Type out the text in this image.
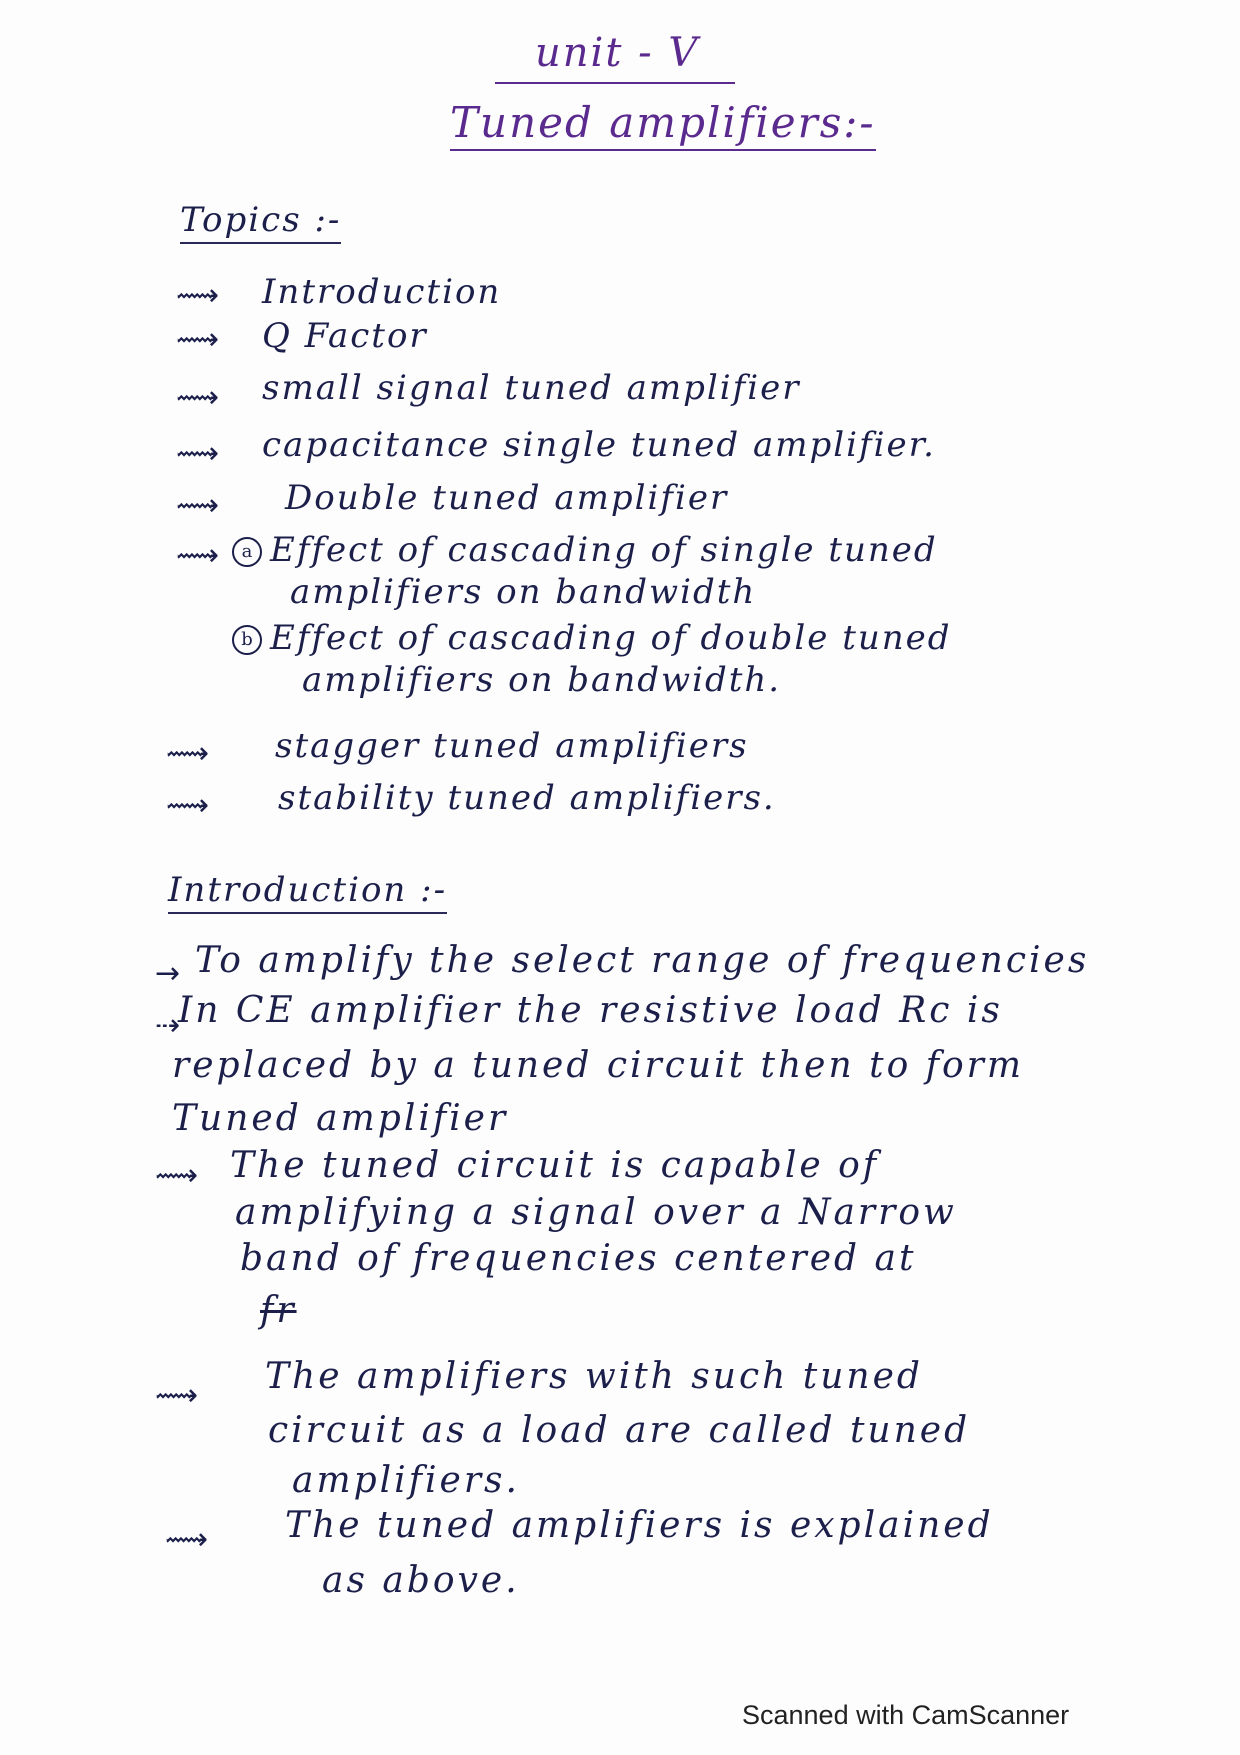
unit - V
Tuned amplifiers:-
Topics :-
⟿ Introduction
⟿ Q Factor
⟿ small signal tuned amplifier
⟿ capacitance single tuned amplifier.
⟿ Double tuned amplifier
⟿	a Effect of cascading of single tuned
amplifiers on bandwidth
b Effect of cascading of double tuned
amplifiers on bandwidth.
⟿ stagger tuned amplifiers
⟿ stability tuned amplifiers.
Introduction :-
→ To amplify the select range of frequencies
⇢
In CE amplifier the resistive load Rc is
replaced by a tuned circuit then to form
Tuned amplifier
⟿ The tuned circuit is capable of
amplifying a signal over a Narrow
band of frequencies centered at
fr
⟿ The amplifiers with such tuned
circuit as a load are called tuned
amplifiers.
⟿ The tuned amplifiers is explained
as above.
Scanned with CamScanner
